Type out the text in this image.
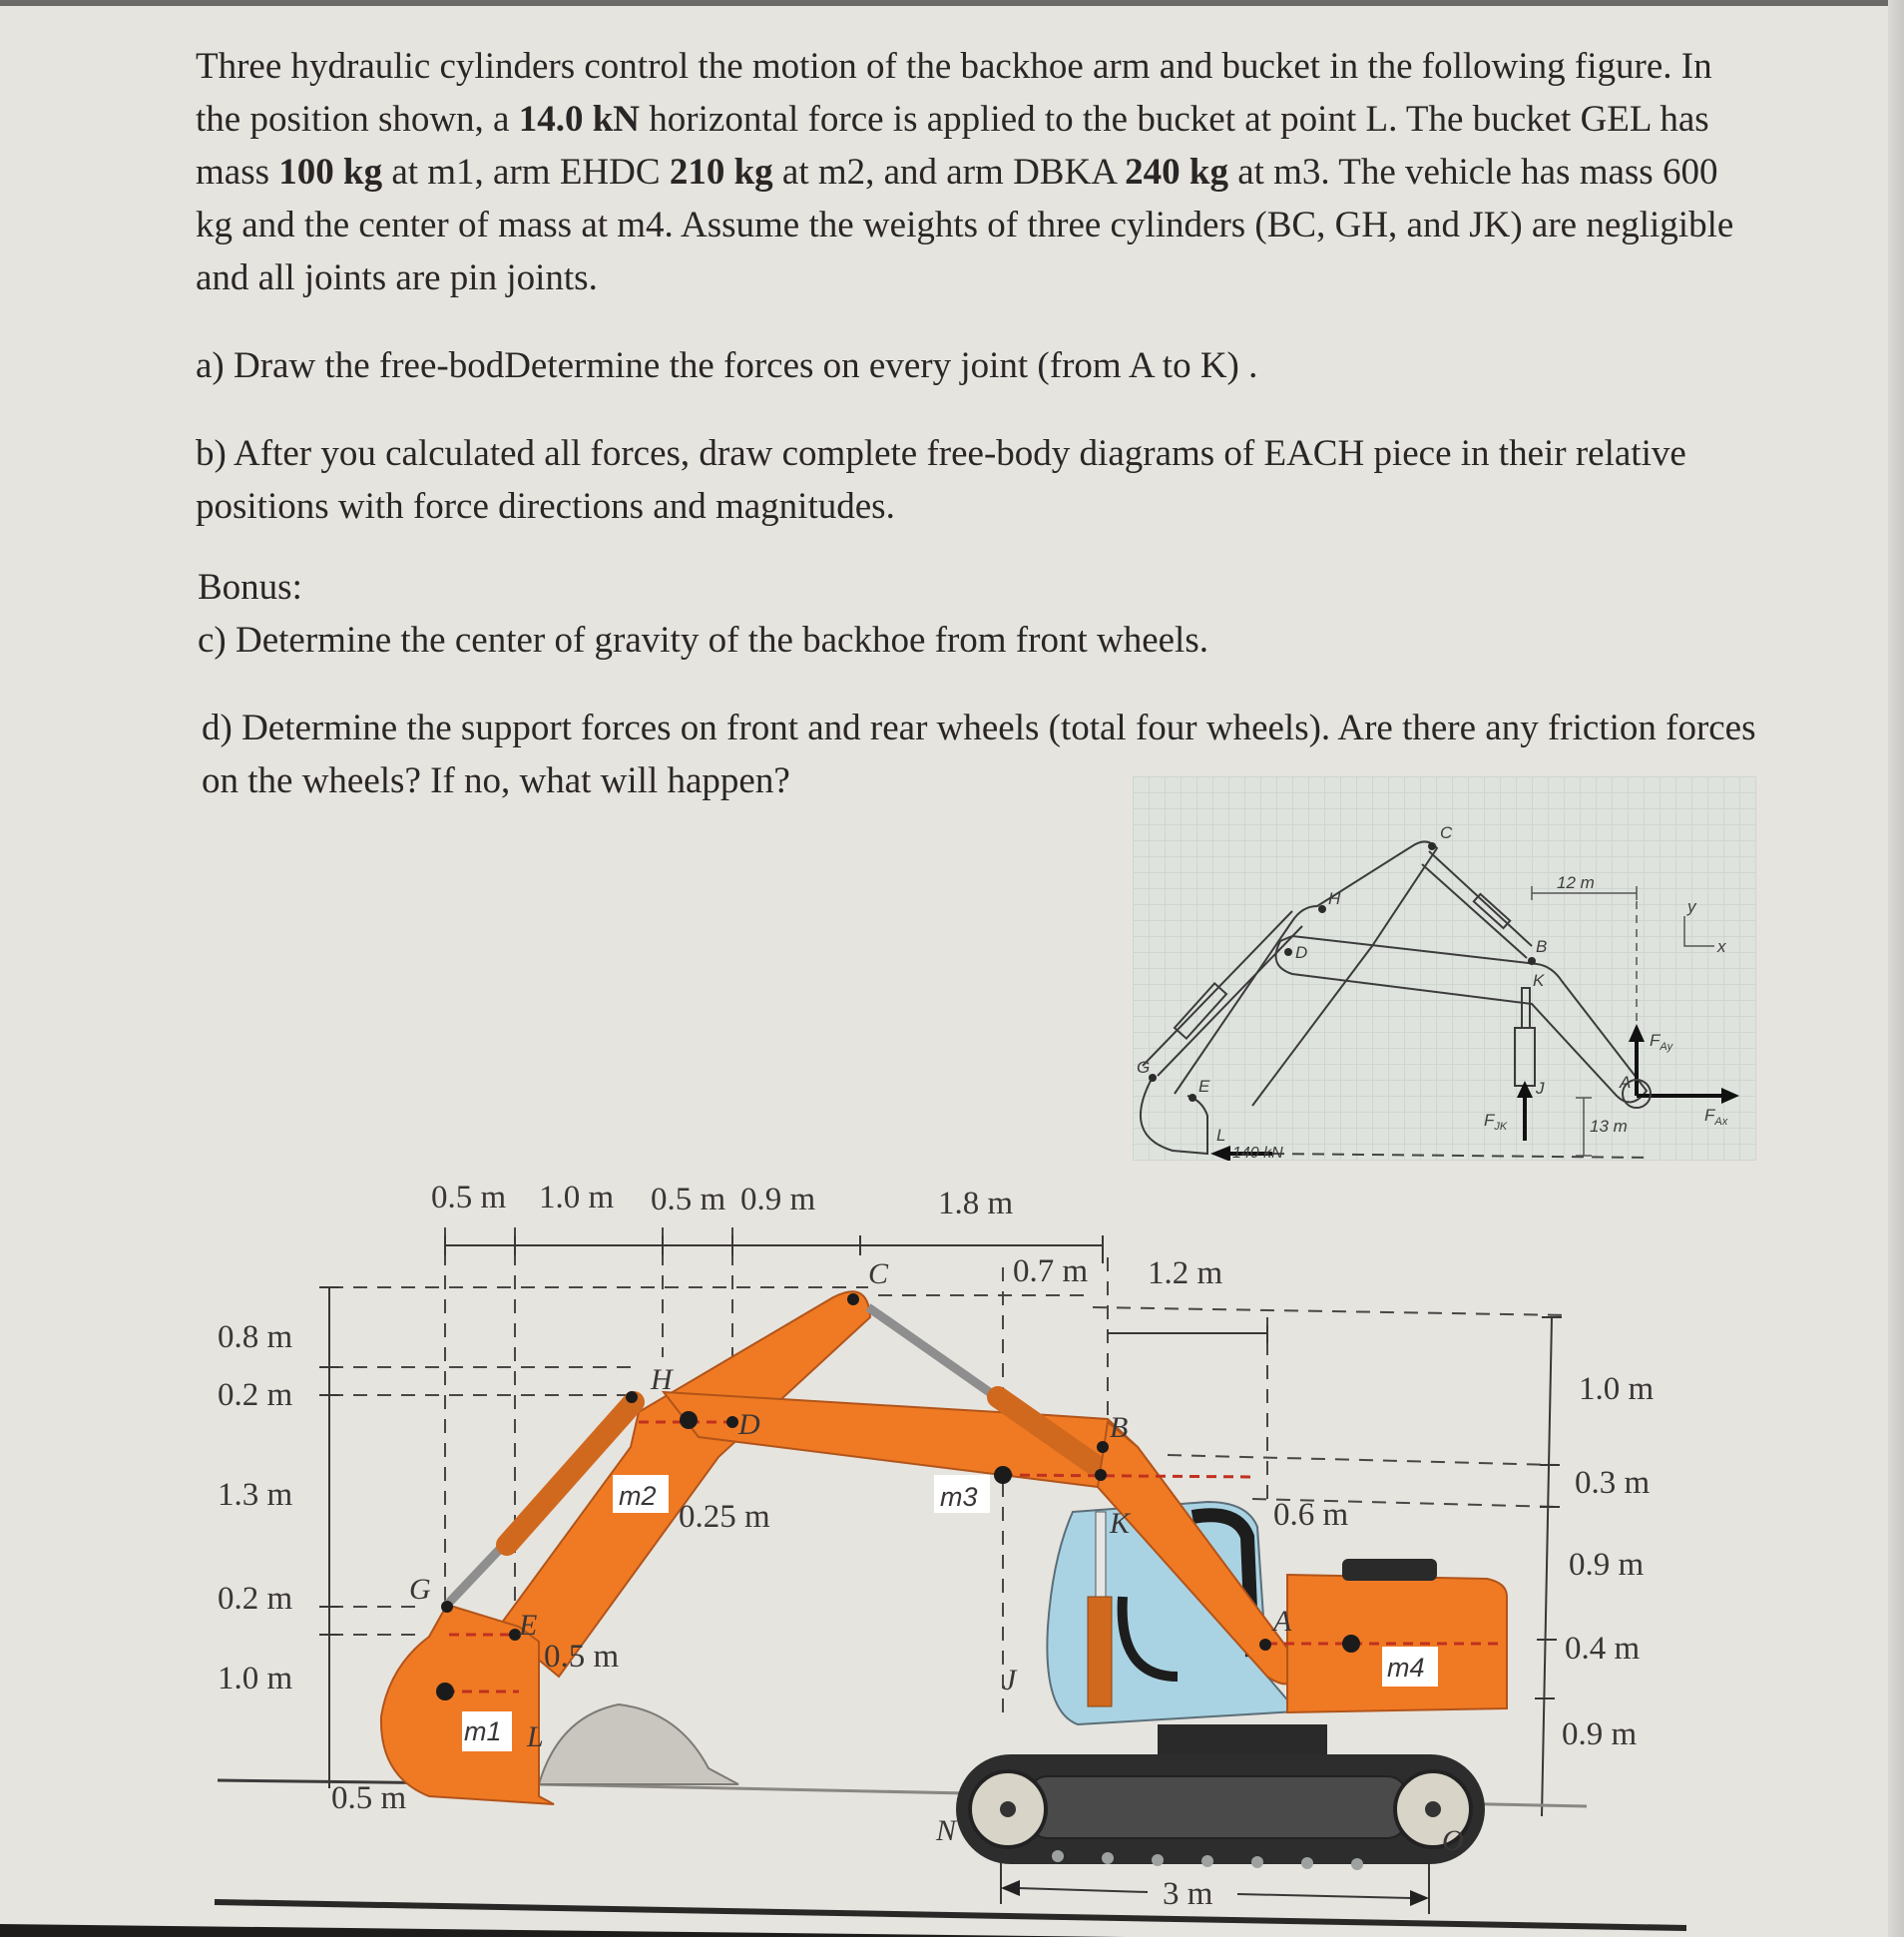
Three hydraulic cylinders control the motion of the backhoe arm and bucket in the following figure. In the position shown, a 14.0 kN horizontal force is applied to the bucket at point L. The bucket GEL has mass 100 kg at m1, arm EHDC 210 kg at m2, and arm DBKA 240 kg at m3. The vehicle has mass 600 kg and the center of mass at m4. Assume the weights of three cylinders (BC, GH, and JK) are negligible and all joints are pin joints.

a) Draw the free-bodDetermine the forces on every joint (from A to K) .

b) After you calculated all forces, draw complete free-body diagrams of EACH piece in their relative positions with force directions and magnitudes.

Bonus:

c) Determine the center of gravity of the backhoe from front wheels.

d) Determine the support forces on front and rear wheels (total four wheels). Are there any friction forces on the wheels? If no, what will happen?

C
H
D	B
K
G
E	A
J
L
140 kN
12 m
13 m
$F_{Ay}$
$F_{Ax}$
$F_{JK}$
y
x
m1
m2	m3
m4
C
H
D	B
K
G
E
L
J
A
N	O
0.5 m 1.0 m 0.5 m 0.9 m	1.8 m
0.7 m 1.2 m
0.8 m
0.2 m
1.3 m
0.2 m
1.0 m
0.5 m
0.25 m
0.5 m
0.6 m
1.0 m
0.3 m
0.9 m
0.4 m
0.9 m
3 m
